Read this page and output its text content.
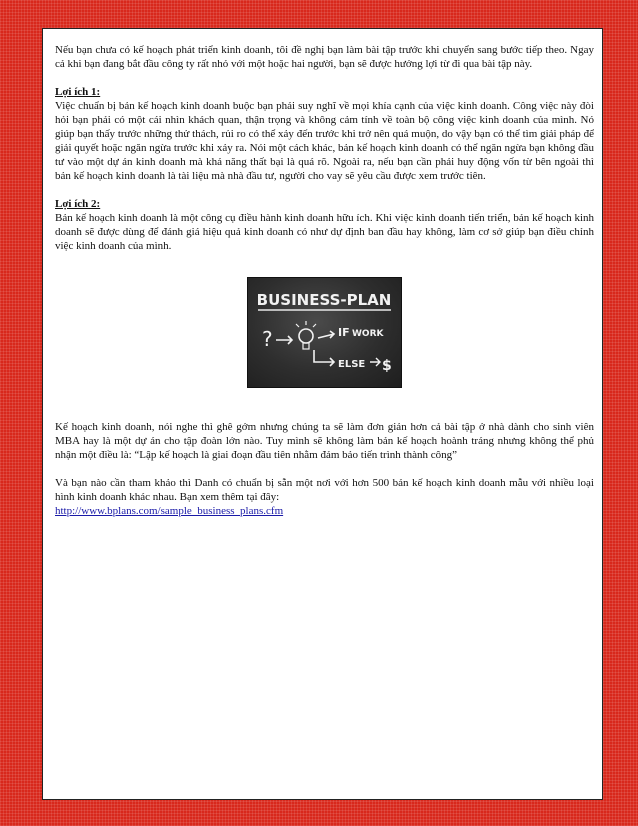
Nếu bạn chưa có kế hoạch phát triển kinh doanh, tôi đề nghị bạn làm bài tập trước khi chuyển sang bước tiếp theo. Ngay cả khi bạn đang bắt đầu công ty rất nhỏ với một hoặc hai người, bạn sẽ được hưởng lợi từ đi qua bài tập này.

Lợi ích 1:
Việc chuẩn bị bản kế hoạch kinh doanh buộc bạn phải suy nghĩ về mọi khía cạnh của việc kinh doanh. Công việc này đòi hỏi bạn phải có một cái nhìn khách quan, thận trọng và không cảm tính về toàn bộ công việc kinh doanh của mình. Nó giúp bạn thấy trước những thử thách, rủi ro có thể xảy đến trước khi trở nên quá muộn, do vậy bạn có thể tìm giải pháp để giải quyết hoặc ngăn ngừa trước khi xảy ra. Nói một cách khác, bản kế hoạch kinh doanh có thể ngăn ngừa bạn không đầu tư vào một dự án kinh doanh mà khả năng thất bại là quá rõ. Ngoài ra, nếu bạn cần phải huy động vốn từ bên ngoài thì bản kế hoạch kinh doanh là tài liệu mà nhà đầu tư, người cho vay sẽ yêu cầu được xem trước tiên.

Lợi ích 2:
Bản kế hoạch kinh doanh là một công cụ điều hành kinh doanh hữu ích. Khi việc kinh doanh tiến triển, bản kế hoạch kinh doanh sẽ được dùng để đánh giá hiệu quả kinh doanh có như dự định ban đầu hay không, làm cơ sở giúp bạn điều chỉnh việc kinh doanh của mình.

BUSINESS-PLAN
?	IF WORK
ELSE $

Kế hoạch kinh doanh, nói nghe thì ghê gớm nhưng chúng ta sẽ làm đơn giản hơn cả bài tập ở nhà dành cho sinh viên MBA hay là một dự án cho tập đoàn lớn nào. Tuy mình sẽ không làm bản kế hoạch hoành tráng nhưng không thể phủ nhận một điều là: “Lập kế hoạch là giai đoạn đầu tiên nhằm đảm bảo tiến trình thành công”

Và bạn nào cần tham khảo thì Danh có chuẩn bị sẵn một nơi với hơn 500 bản kế hoạch kinh doanh mẫu với nhiều loại hình kinh doanh khác nhau. Bạn xem thêm tại đây:
http://www.bplans.com/sample_business_plans.cfm
